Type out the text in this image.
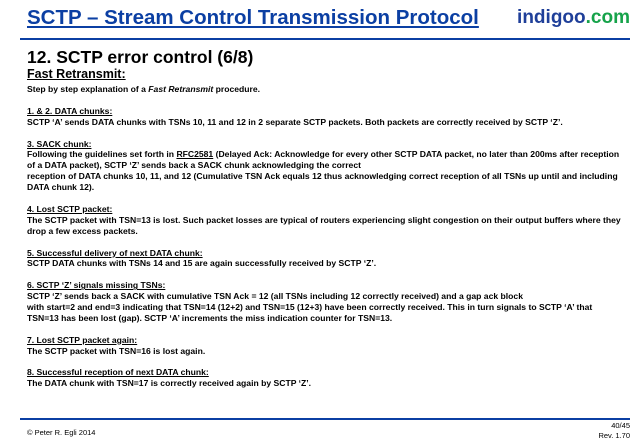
SCTP – Stream Control Transmission Protocol indigoo.com
12. SCTP error control (6/8)
Fast Retransmit:

Step by step explanation of a Fast Retransmit procedure.

1. & 2. DATA chunks:

SCTP ‘A’ sends DATA chunks with TSNs 10, 11 and 12 in 2 separate SCTP packets. Both packets are correctly received by SCTP ‘Z’.

3. SACK chunk:

Following the guidelines set forth in RFC2581 (Delayed Ack: Acknowledge for every other SCTP DATA packet, no later than 200ms after reception of a DATA packet), SCTP ‘Z’ sends back a SACK chunk acknowledging the correct

reception of DATA chunks 10, 11, and 12 (Cumulative TSN Ack equals 12 thus acknowledging correct reception of all TSNs up until and including DATA chunk 12).

4. Lost SCTP packet:

The SCTP packet with TSN=13 is lost. Such packet losses are typical of routers experiencing slight congestion on their output buffers where they drop a few excess packets.

5. Successful delivery of next DATA chunk:

SCTP DATA chunks with TSNs 14 and 15 are again successfully received by SCTP ‘Z’.

6. SCTP ‘Z’ signals missing TSNs:

SCTP ‘Z’ sends back a SACK with cumulative TSN Ack = 12 (all TSNs including 12 correctly received) and a gap ack block

with start=2 and end=3 indicating that TSN=14 (12+2) and TSN=15 (12+3) have been correctly received. This in turn signals to SCTP ‘A’ that TSN=13 has been lost (gap). SCTP ‘A’ increments the miss indication counter for TSN=13.

7. Lost SCTP packet again:

The SCTP packet with TSN=16 is lost again.

8. Successful reception of next DATA chunk:

The DATA chunk with TSN=17 is correctly received again by SCTP ‘Z’.

© Peter R. Egli 2014
40/45
Rev. 1.70
